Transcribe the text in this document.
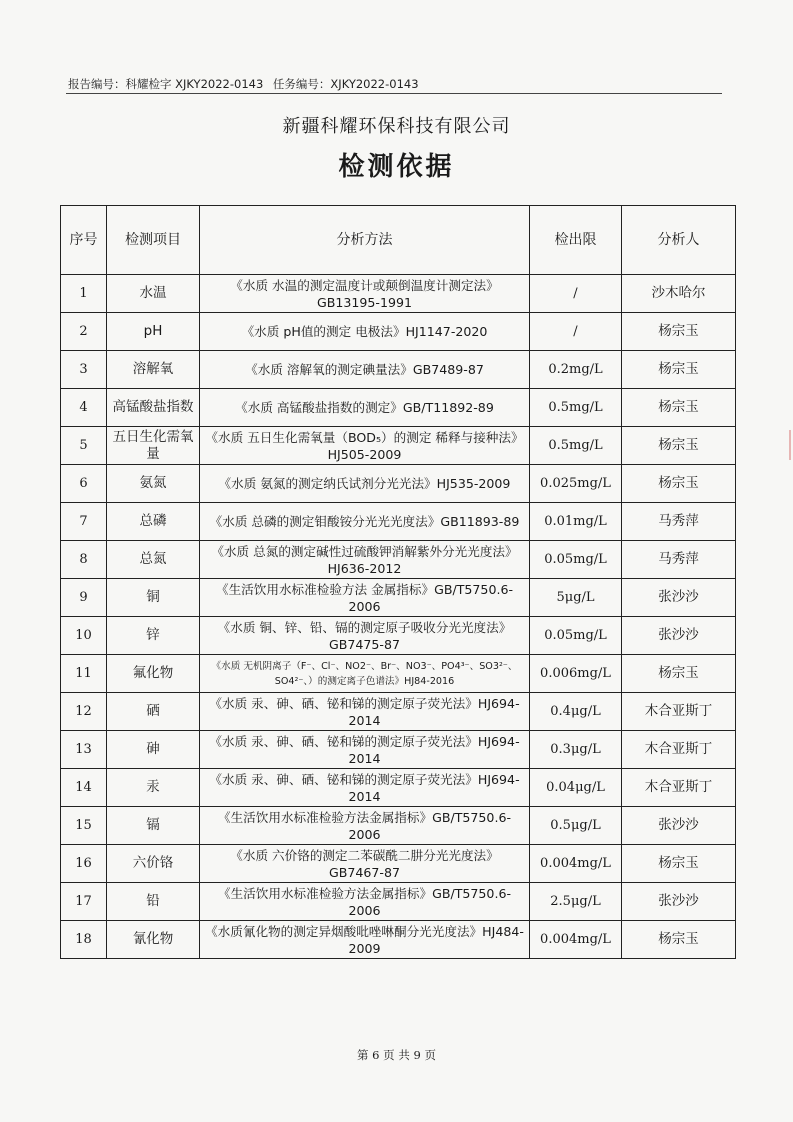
报告编号：科耀检字 XJKY2022-0143 任务编号：XJKY2022-0143
新疆科耀环保科技有限公司
检测依据
序号	检测项目	分析方法	检出限	分析人
1	水温	《水质 水温的测定温度计或颠倒温度计测定法》GB13195-1991	/	沙木哈尔
2	pH	《水质 pH值的测定 电极法》HJ1147-2020	/	杨宗玉
3	溶解氧	《水质 溶解氧的测定碘量法》GB7489-87	0.2mg/L	杨宗玉
4	高锰酸盐指数	《水质 高锰酸盐指数的测定》GB/T11892-89	0.5mg/L	杨宗玉
5	五日生化需氧量	《水质 五日生化需氧量（BOD₅）的测定 稀释与接种法》HJ505-2009	0.5mg/L	杨宗玉
6	氨氮	《水质 氨氮的测定纳氏试剂分光光法》HJ535-2009	0.025mg/L	杨宗玉
7	总磷	《水质 总磷的测定钼酸铵分光光光度法》GB11893-89	0.01mg/L	马秀萍
8	总氮	《水质 总氮的测定碱性过硫酸钾消解紫外分光光度法》HJ636-2012	0.05mg/L	马秀萍
9	铜	《生活饮用水标准检验方法 金属指标》GB/T5750.6-2006	5μg/L	张沙沙
10	锌	《水质 铜、锌、铅、镉的测定原子吸收分光光度法》GB7475-87	0.05mg/L	张沙沙
11	氟化物	《水质 无机阴离子（F⁻、Cl⁻、NO2⁻、Br⁻、NO3⁻、PO4³⁻、SO3²⁻、SO4²⁻、）的测定离子色谱法》HJ84-2016	0.006mg/L	杨宗玉
12	硒	《水质 汞、砷、硒、铋和锑的测定原子荧光法》HJ694-2014	0.4μg/L	木合亚斯丁
13	砷	《水质 汞、砷、硒、铋和锑的测定原子荧光法》HJ694-2014	0.3μg/L	木合亚斯丁
14	汞	《水质 汞、砷、硒、铋和锑的测定原子荧光法》HJ694-2014	0.04μg/L	木合亚斯丁
15	镉	《生活饮用水标准检验方法金属指标》GB/T5750.6-2006	0.5μg/L	张沙沙
16	六价铬	《水质 六价铬的测定二苯碳酰二肼分光光度法》GB7467-87	0.004mg/L	杨宗玉
17	铅	《生活饮用水标准检验方法金属指标》GB/T5750.6-2006	2.5μg/L	张沙沙
18	氰化物	《水质氰化物的测定异烟酸吡唑啉酮分光光度法》HJ484-2009	0.004mg/L	杨宗玉
第 6 页 共 9 页
